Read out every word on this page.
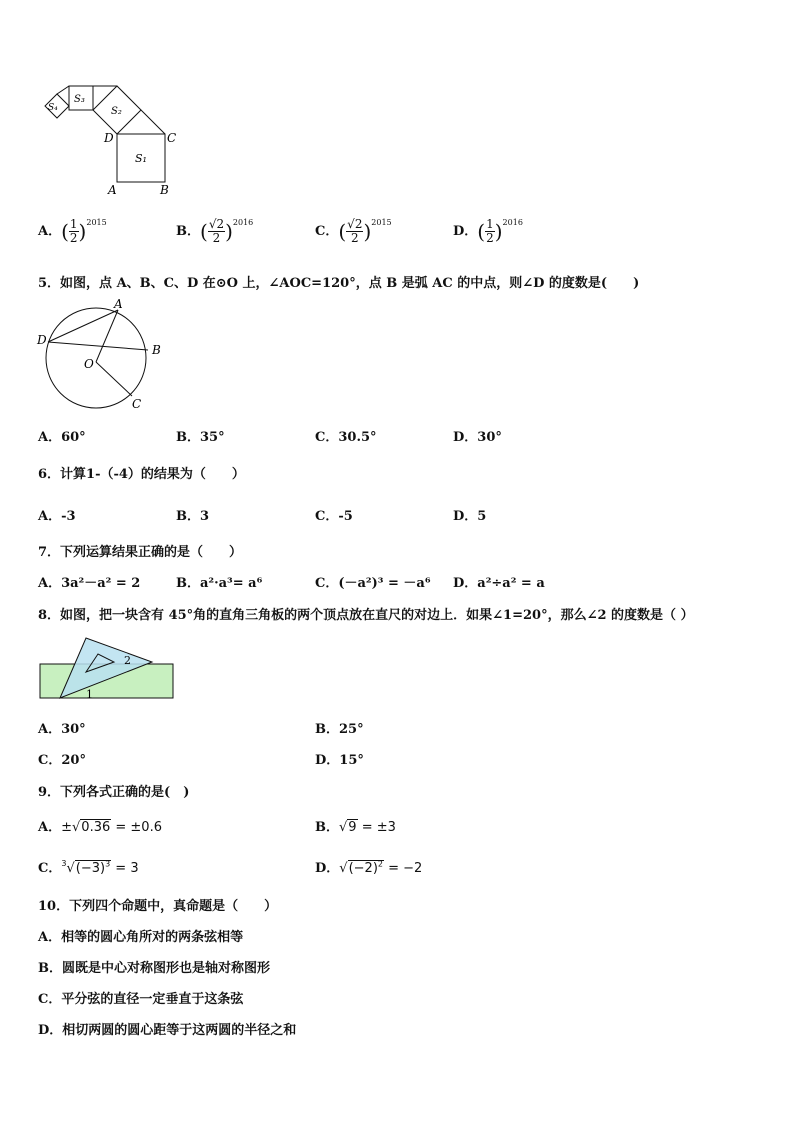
S₁
S₂
S₃
S₄
D	C
A	B
A．( $\frac{1}{2} )^{2015}$
B．( $\frac{√2}{2} )^{2016}$
C．( $\frac{√2}{2} )^{2015}$
D．( $\frac{1}{2} )^{2016}$
5．如图，点 A、B、C、D 在⊙O 上，∠AOC=120°，点 B 是弧 AC 的中点，则∠D 的度数是(　　)
A
B
C
D
O
A．60°	B．35°	C．30.5°	D．30°
6．计算1-（-4）的结果为（　　）
A．-3	B．3	C．-5	D．5
7．下列运算结果正确的是（　　）
A．3a²－a² = 2	B．a²·a³= a⁶	C．(－a²)³ = －a⁶ D．a²÷a² = a
8．如图，把一块含有 45°角的直角三角板的两个顶点放在直尺的对边上．如果∠1=20°，那么∠2 的度数是（ ）
2
1
A．30°	B．25°
C．20°	D．15°
9．下列各式正确的是(　)
A．±√0.36 = ±0.6	B．√9 = ±3
C．$^3√(-3)^3 = 3$	D．$√(-2)^2 = -2$
10．下列四个命题中，真命题是（　　）
A．相等的圆心角所对的两条弦相等
B．圆既是中心对称图形也是轴对称图形
C．平分弦的直径一定垂直于这条弦
D．相切两圆的圆心距等于这两圆的半径之和
